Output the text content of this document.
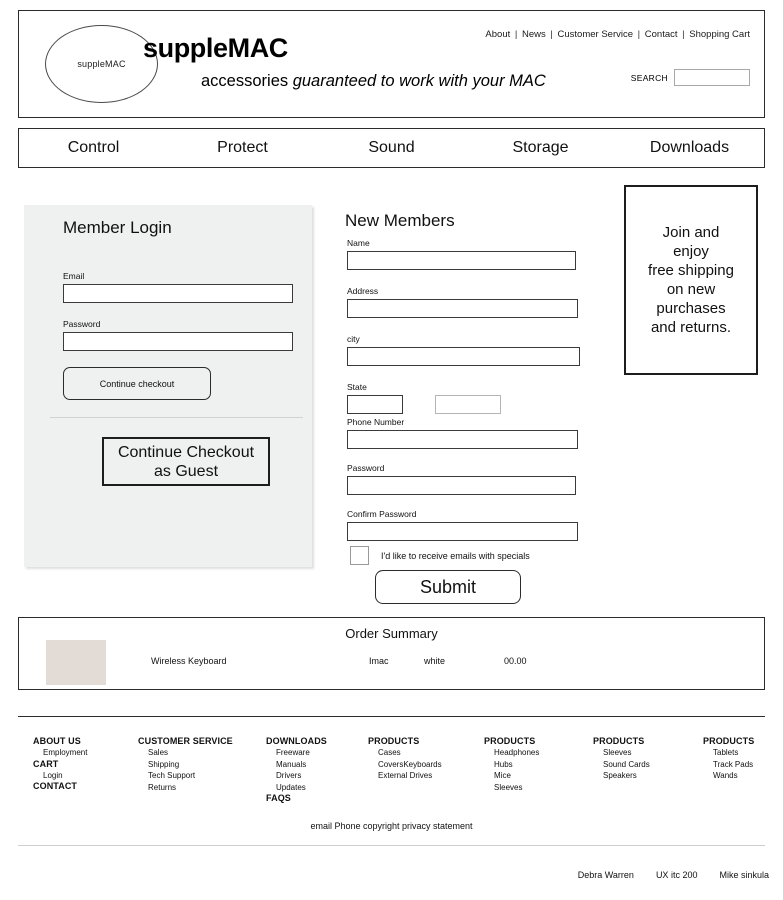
suppleMAC
suppleMAC
accessories guaranteed to work with your MAC
About | News | Customer Service | Contact | Shopping Cart
SEARCH
Control	Protect	Sound	Storage	Downloads
Member Login
Email
Password
Continue checkout
Continue Checkout
as Guest
New Members
Name
Address
city
State
Phone Number
Password
Confirm Password
I'd like to receive emails with specials
Submit
Join and
enjoy
free shipping
on new
purchases
and returns.
Order Summary
Wireless Keyboard	Imac	white	00.00
ABOUT US
Employment
CART
Login
CONTACT
CUSTOMER SERVICE
Sales
Shipping
Tech Support
Returns
DOWNLOADS
Freeware
Manuals
Drivers
Updates
FAQS
PRODUCTS
Cases
CoversKeyboards
External Drives
PRODUCTS
Headphones
Hubs
Mice
Sleeves
PRODUCTS
Sleeves
Sound Cards
Speakers
PRODUCTS
Tablets
Track Pads
Wands
email Phone copyright privacy statement
Debra Warren UX itc 200 Mike sinkula
